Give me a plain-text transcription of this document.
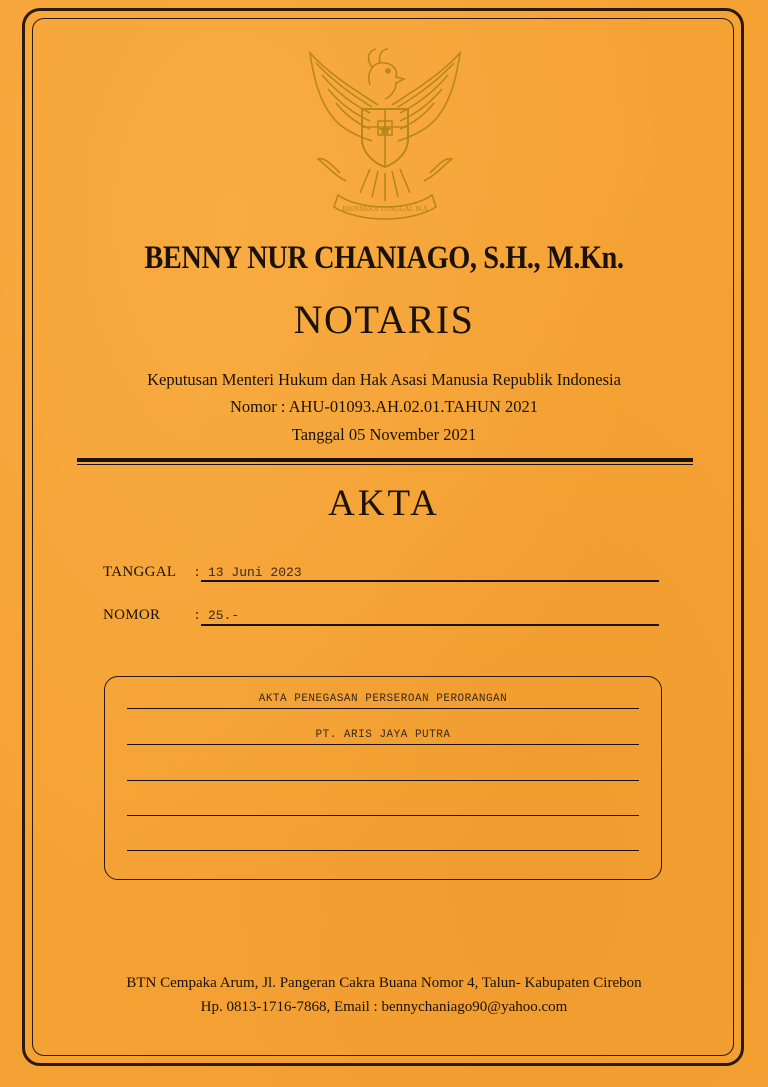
BHINNEKA TUNGGAL IKA
BENNY NUR CHANIAGO, S.H., M.Kn.
NOTARIS
Keputusan Menteri Hukum dan Hak Asasi Manusia Republik Indonesia
Nomor : AHU-01093.AH.02.01.TAHUN 2021
Tanggal 05 November 2021
AKTA
TANGGAL : 13 Juni 2023
NOMOR : 25.-
AKTA PENEGASAN PERSEROAN PERORANGAN
PT. ARIS JAYA PUTRA
BTN Cempaka Arum, Jl. Pangeran Cakra Buana Nomor 4, Talun- Kabupaten Cirebon
Hp. 0813-1716-7868, Email : bennychaniago90@yahoo.com
